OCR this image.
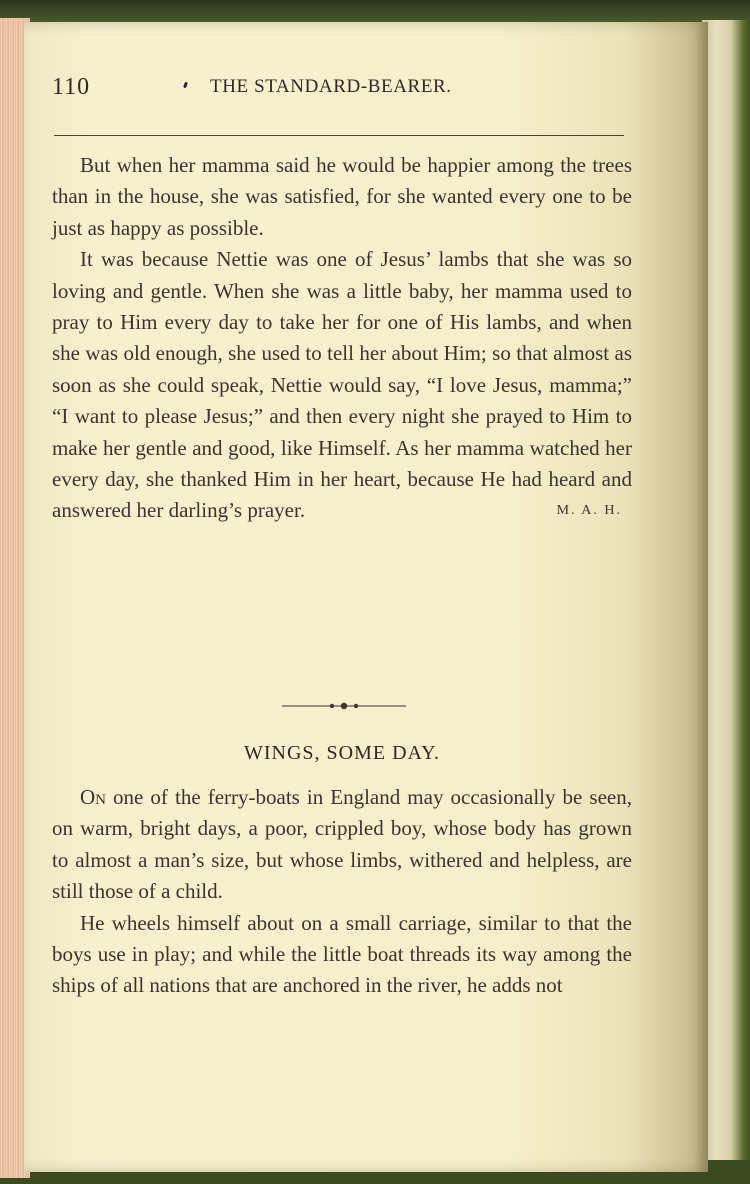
110	THE STANDARD-BEARER.

But when her mamma said he would be happier among the trees than in the house, she was satisfied, for she wanted every one to be just as happy as possible.

It was because Nettie was one of Jesus’ lambs that she was so loving and gentle. When she was a little baby, her mamma used to pray to Him every day to take her for one of His lambs, and when she was old enough, she used to tell her about Him; so that almost as soon as she could speak, Nettie would say, “I love Jesus, mamma;” “I want to please Jesus;” and then every night she prayed to Him to make her gentle and good, like Himself. As her mamma watched her every day, she thanked Him in her heart, because He had heard and answered her darling’s prayer.	M. A. H.

WINGS, SOME DAY.

On one of the ferry-boats in England may occasionally be seen, on warm, bright days, a poor, crippled boy, whose body has grown to almost a man’s size, but whose limbs, withered and helpless, are still those of a child.

He wheels himself about on a small carriage, similar to that the boys use in play; and while the little boat threads its way among the ships of all nations that are anchored in the river, he adds not
